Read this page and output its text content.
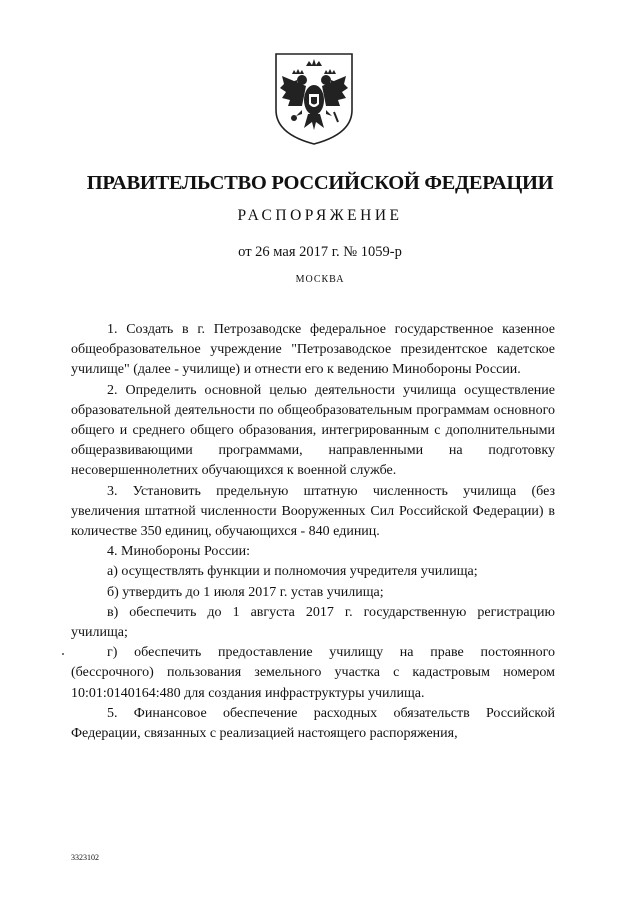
ПРАВИТЕЛЬСТВО РОССИЙСКОЙ ФЕДЕРАЦИИ
РАСПОРЯЖЕНИЕ
от 26 мая 2017 г. № 1059-р
МОСКВА

1. Создать в г. Петрозаводске федеральное государственное казенное общеобразовательное учреждение "Петрозаводское президентское кадетское училище" (далее - училище) и отнести его к ведению Минобороны России.

2. Определить основной целью деятельности училища осуществление образовательной деятельности по общеобразовательным программам основного общего и среднего общего образования, интегрированным с дополнительными общеразвивающими программами, направленными на подготовку несовершеннолетних обучающихся к военной службе.

3. Установить предельную штатную численность училища (без увеличения штатной численности Вооруженных Сил Российской Федерации) в количестве 350 единиц, обучающихся - 840 единиц.

4. Минобороны России:

а) осуществлять функции и полномочия учредителя училища;

б) утвердить до 1 июля 2017 г. устав училища;

в) обеспечить до 1 августа 2017 г. государственную регистрацию училища;

г) обеспечить предоставление училищу на праве постоянного (бессрочного) пользования земельного участка с кадастровым номером 10:01:0140164:480 для создания инфраструктуры училища.

5. Финансовое обеспечение расходных обязательств Российской Федерации, связанных с реализацией настоящего распоряжения,

3323102
